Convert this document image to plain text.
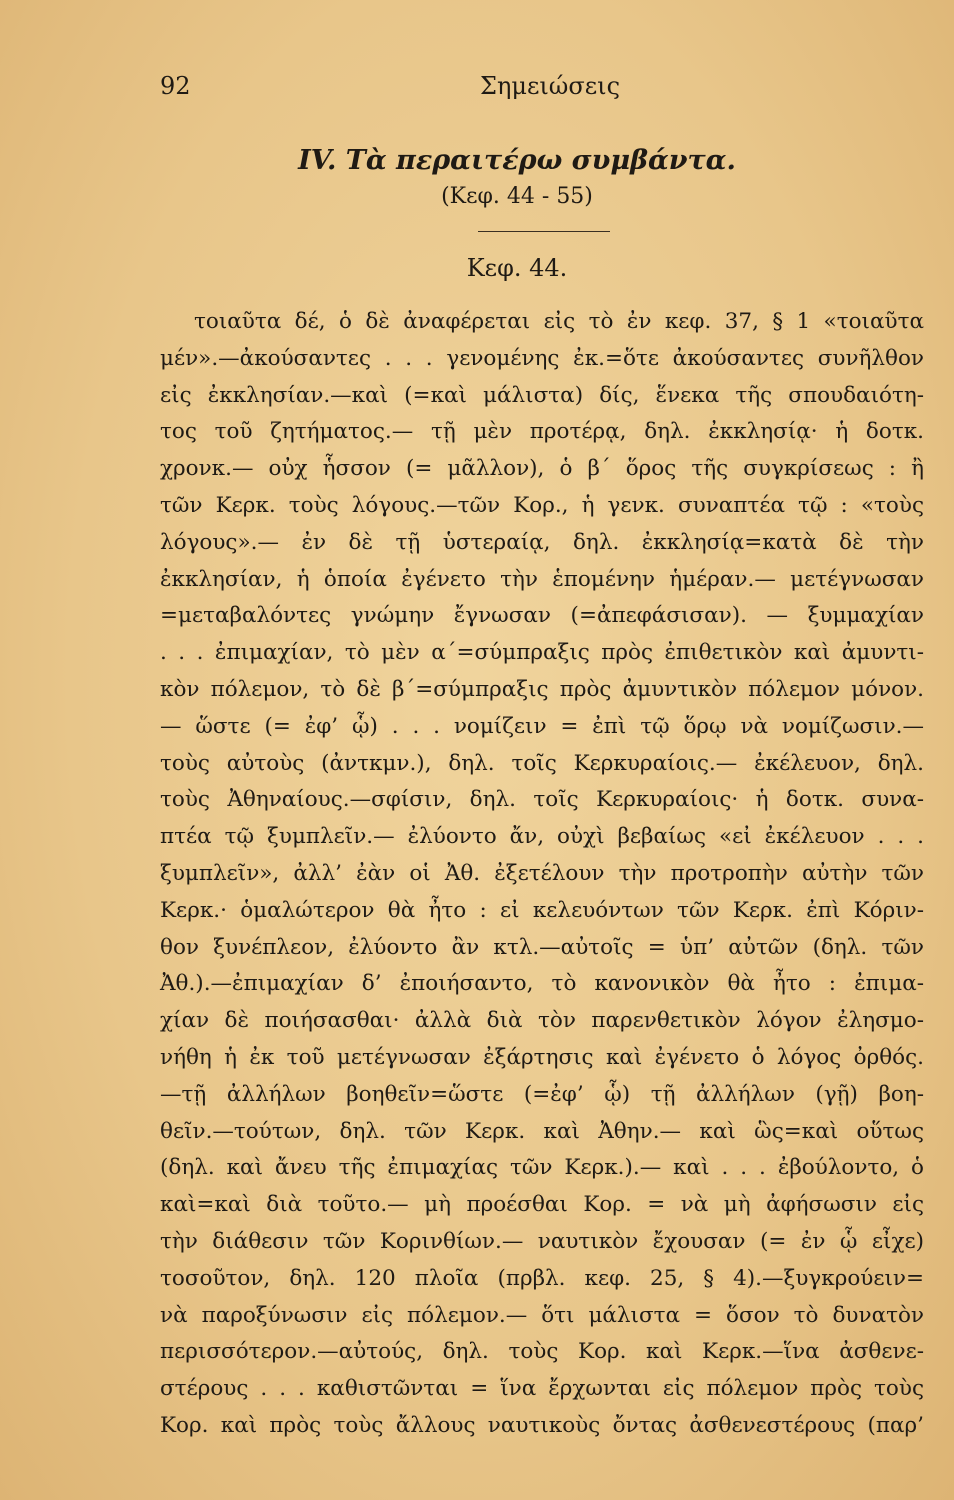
92	Σημειώσεις
IV. Τὰ περαιτέρω συμβάντα.
(Κεφ. 44 - 55)
Κεφ. 44.
τοιαῦτα δέ, ὁ δὲ ἀναφέρεται εἰς τὸ ἐν κεφ. 37, § 1 «τοιαῦτα
μέν».—ἀκούσαντες . . . γενομένης ἐκ.=ὅτε ἀκούσαντες συνῆλθον
εἰς ἐκκλησίαν.—καὶ (=καὶ μάλιστα) δίς, ἕνεκα τῆς σπουδαιότη-
τος τοῦ ζητήματος.— τῇ μὲν προτέρᾳ, δηλ. ἐκκλησίᾳ· ἡ δοτκ.
χρονκ.— οὐχ ἧσσον (= μᾶλλον), ὁ β΄ ὅρος τῆς συγκρίσεως : ἢ
τῶν Κερκ. τοὺς λόγους.—τῶν Κορ., ἡ γενκ. συναπτέα τῷ : «τοὺς
λόγους».— ἐν δὲ τῇ ὑστεραίᾳ, δηλ. ἐκκλησίᾳ=κατὰ δὲ τὴν
ἐκκλησίαν, ἡ ὁποία ἐγένετο τὴν ἑπομένην ἡμέραν.— μετέγνωσαν
=μεταβαλόντες γνώμην ἔγνωσαν (=ἀπεφάσισαν). — ξυμμαχίαν
. . . ἐπιμαχίαν, τὸ μὲν α΄=σύμπραξις πρὸς ἐπιθετικὸν καὶ ἀμυντι-
κὸν πόλεμον, τὸ δὲ β΄=σύμπραξις πρὸς ἀμυντικὸν πόλεμον μόνον.
— ὥστε (= ἐφ’ ᾧ) . . . νομίζειν = ἐπὶ τῷ ὅρῳ νὰ νομίζωσιν.—
τοὺς αὐτοὺς (ἀντκμν.), δηλ. τοῖς Κερκυραίοις.— ἐκέλευον, δηλ.
τοὺς Ἀθηναίους.—σφίσιν, δηλ. τοῖς Κερκυραίοις· ἡ δοτκ. συνα-
πτέα τῷ ξυμπλεῖν.— ἐλύοντο ἄν, οὐχὶ βεβαίως «εἰ ἐκέλευον . . .
ξυμπλεῖν», ἀλλ’ ἐὰν οἱ Ἀθ. ἐξετέλουν τὴν προτροπὴν αὐτὴν τῶν
Κερκ.· ὁμαλώτερον θὰ ἦτο : εἰ κελευόντων τῶν Κερκ. ἐπὶ Κόριν-
θον ξυνέπλεον, ἐλύοντο ἂν κτλ.—αὐτοῖς = ὑπ’ αὐτῶν (δηλ. τῶν
Ἀθ.).—ἐπιμαχίαν δ’ ἐποιήσαντο, τὸ κανονικὸν θὰ ἦτο : ἐπιμα-
χίαν δὲ ποιήσασθαι· ἀλλὰ διὰ τὸν παρενθετικὸν λόγον ἐλησμο-
νήθη ἡ ἐκ τοῦ μετέγνωσαν ἐξάρτησις καὶ ἐγένετο ὁ λόγος ὀρθός.
—τῇ ἀλλήλων βοηθεῖν=ὥστε (=ἐφ’ ᾧ) τῇ ἀλλήλων (γῇ) βοη-
θεῖν.—τούτων, δηλ. τῶν Κερκ. καὶ Ἀθην.— καὶ ὣς=καὶ οὕτως
(δηλ. καὶ ἄνευ τῆς ἐπιμαχίας τῶν Κερκ.).— καὶ . . . ἐβούλοντο, ὁ
καὶ=καὶ διὰ τοῦτο.— μὴ προέσθαι Κορ. = νὰ μὴ ἀφήσωσιν εἰς
τὴν διάθεσιν τῶν Κορινθίων.— ναυτικὸν ἔχουσαν (= ἐν ᾧ εἶχε)
τοσοῦτον, δηλ. 120 πλοῖα (πρβλ. κεφ. 25, § 4).—ξυγκρούειν=
νὰ παροξύνωσιν εἰς πόλεμον.— ὅτι μάλιστα = ὅσον τὸ δυνατὸν
περισσότερον.—αὐτούς, δηλ. τοὺς Κορ. καὶ Κερκ.—ἵνα ἀσθενε-
στέρους . . . καθιστῶνται = ἵνα ἔρχωνται εἰς πόλεμον πρὸς τοὺς
Κορ. καὶ πρὸς τοὺς ἄλλους ναυτικοὺς ὄντας ἀσθενεστέρους (παρ’
